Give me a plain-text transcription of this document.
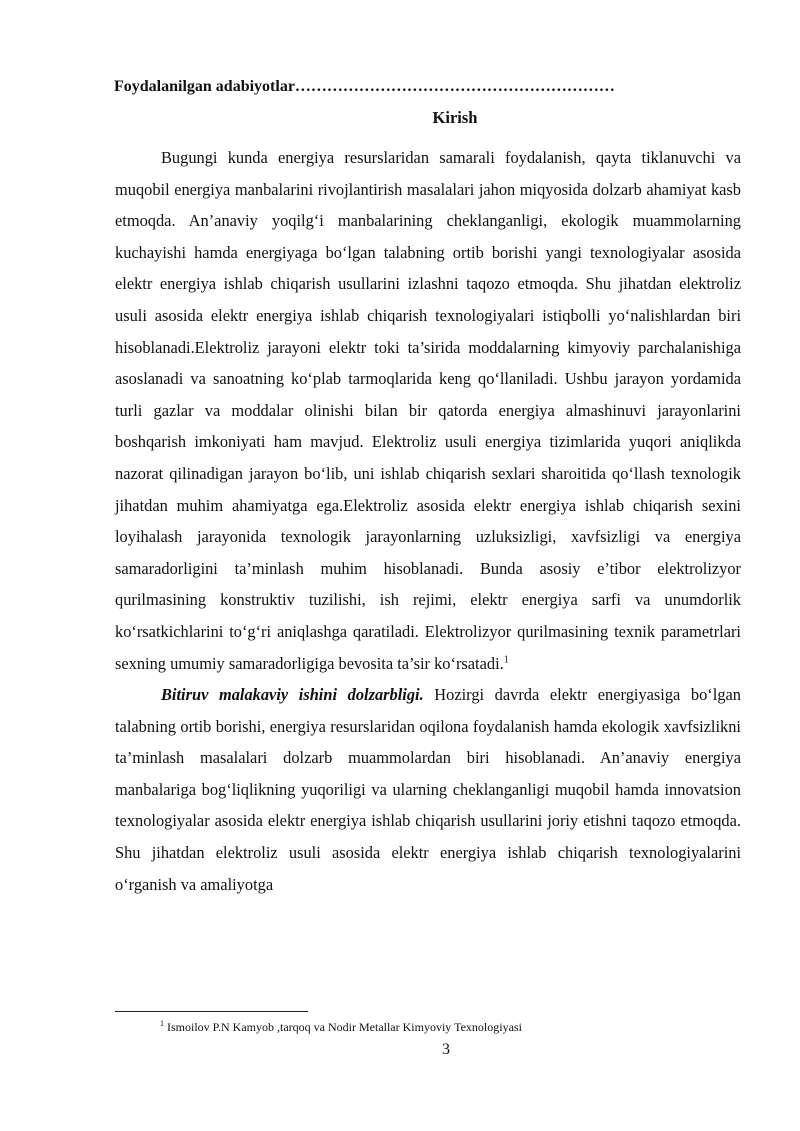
Foydalanilgan adabiyotlar……………………………………………………
Kirish

Bugungi kunda energiya resurslaridan samarali foydalanish, qayta tiklanuvchi va muqobil energiya manbalarini rivojlantirish masalalari jahon miqyosida dolzarb ahamiyat kasb etmoqda. An’anaviy yoqilg‘i manbalarining cheklanganligi, ekologik muammolarning kuchayishi hamda energiyaga bo‘lgan talabning ortib borishi yangi texnologiyalar asosida elektr energiya ishlab chiqarish usullarini izlashni taqozo etmoqda. Shu jihatdan elektroliz usuli asosida elektr energiya ishlab chiqarish texnologiyalari istiqbolli yo‘nalishlardan biri hisoblanadi.Elektroliz jarayoni elektr toki ta’sirida moddalarning kimyoviy parchalanishiga asoslanadi va sanoatning ko‘plab tarmoqlarida keng qo‘llaniladi. Ushbu jarayon yordamida turli gazlar va moddalar olinishi bilan bir qatorda energiya almashinuvi jarayonlarini boshqarish imkoniyati ham mavjud. Elektroliz usuli energiya tizimlarida yuqori aniqlikda nazorat qilinadigan jarayon bo‘lib, uni ishlab chiqarish sexlari sharoitida qo‘llash texnologik jihatdan muhim ahamiyatga ega.Elektroliz asosida elektr energiya ishlab chiqarish sexini loyihalash jarayonida texnologik jarayonlarning uzluksizligi, xavfsizligi va energiya samaradorligini ta’minlash muhim hisoblanadi. Bunda asosiy e’tibor elektrolizyor qurilmasining konstruktiv tuzilishi, ish rejimi, elektr energiya sarfi va unumdorlik ko‘rsatkichlarini to‘g‘ri aniqlashga qaratiladi. Elektrolizyor qurilmasining texnik parametrlari sexning umumiy samaradorligiga bevosita ta’sir ko‘rsatadi.$^1$

Bitiruv malakaviy ishini dolzarbligi. Hozirgi davrda elektr energiyasiga bo‘lgan talabning ortib borishi, energiya resurslaridan oqilona foydalanish hamda ekologik xavfsizlikni ta’minlash masalalari dolzarb muammolardan biri hisoblanadi. An’anaviy energiya manbalariga bog‘liqlikning yuqoriligi va ularning cheklanganligi muqobil hamda innovatsion texnologiyalar asosida elektr energiya ishlab chiqarish usullarini joriy etishni taqozo etmoqda. Shu jihatdan elektroliz usuli asosida elektr energiya ishlab chiqarish texnologiyalarini o‘rganish va amaliyotga

$^1$ Ismoilov P.N Kamyob ,tarqoq va Nodir Metallar Kimyoviy Texnologiyasi
3
